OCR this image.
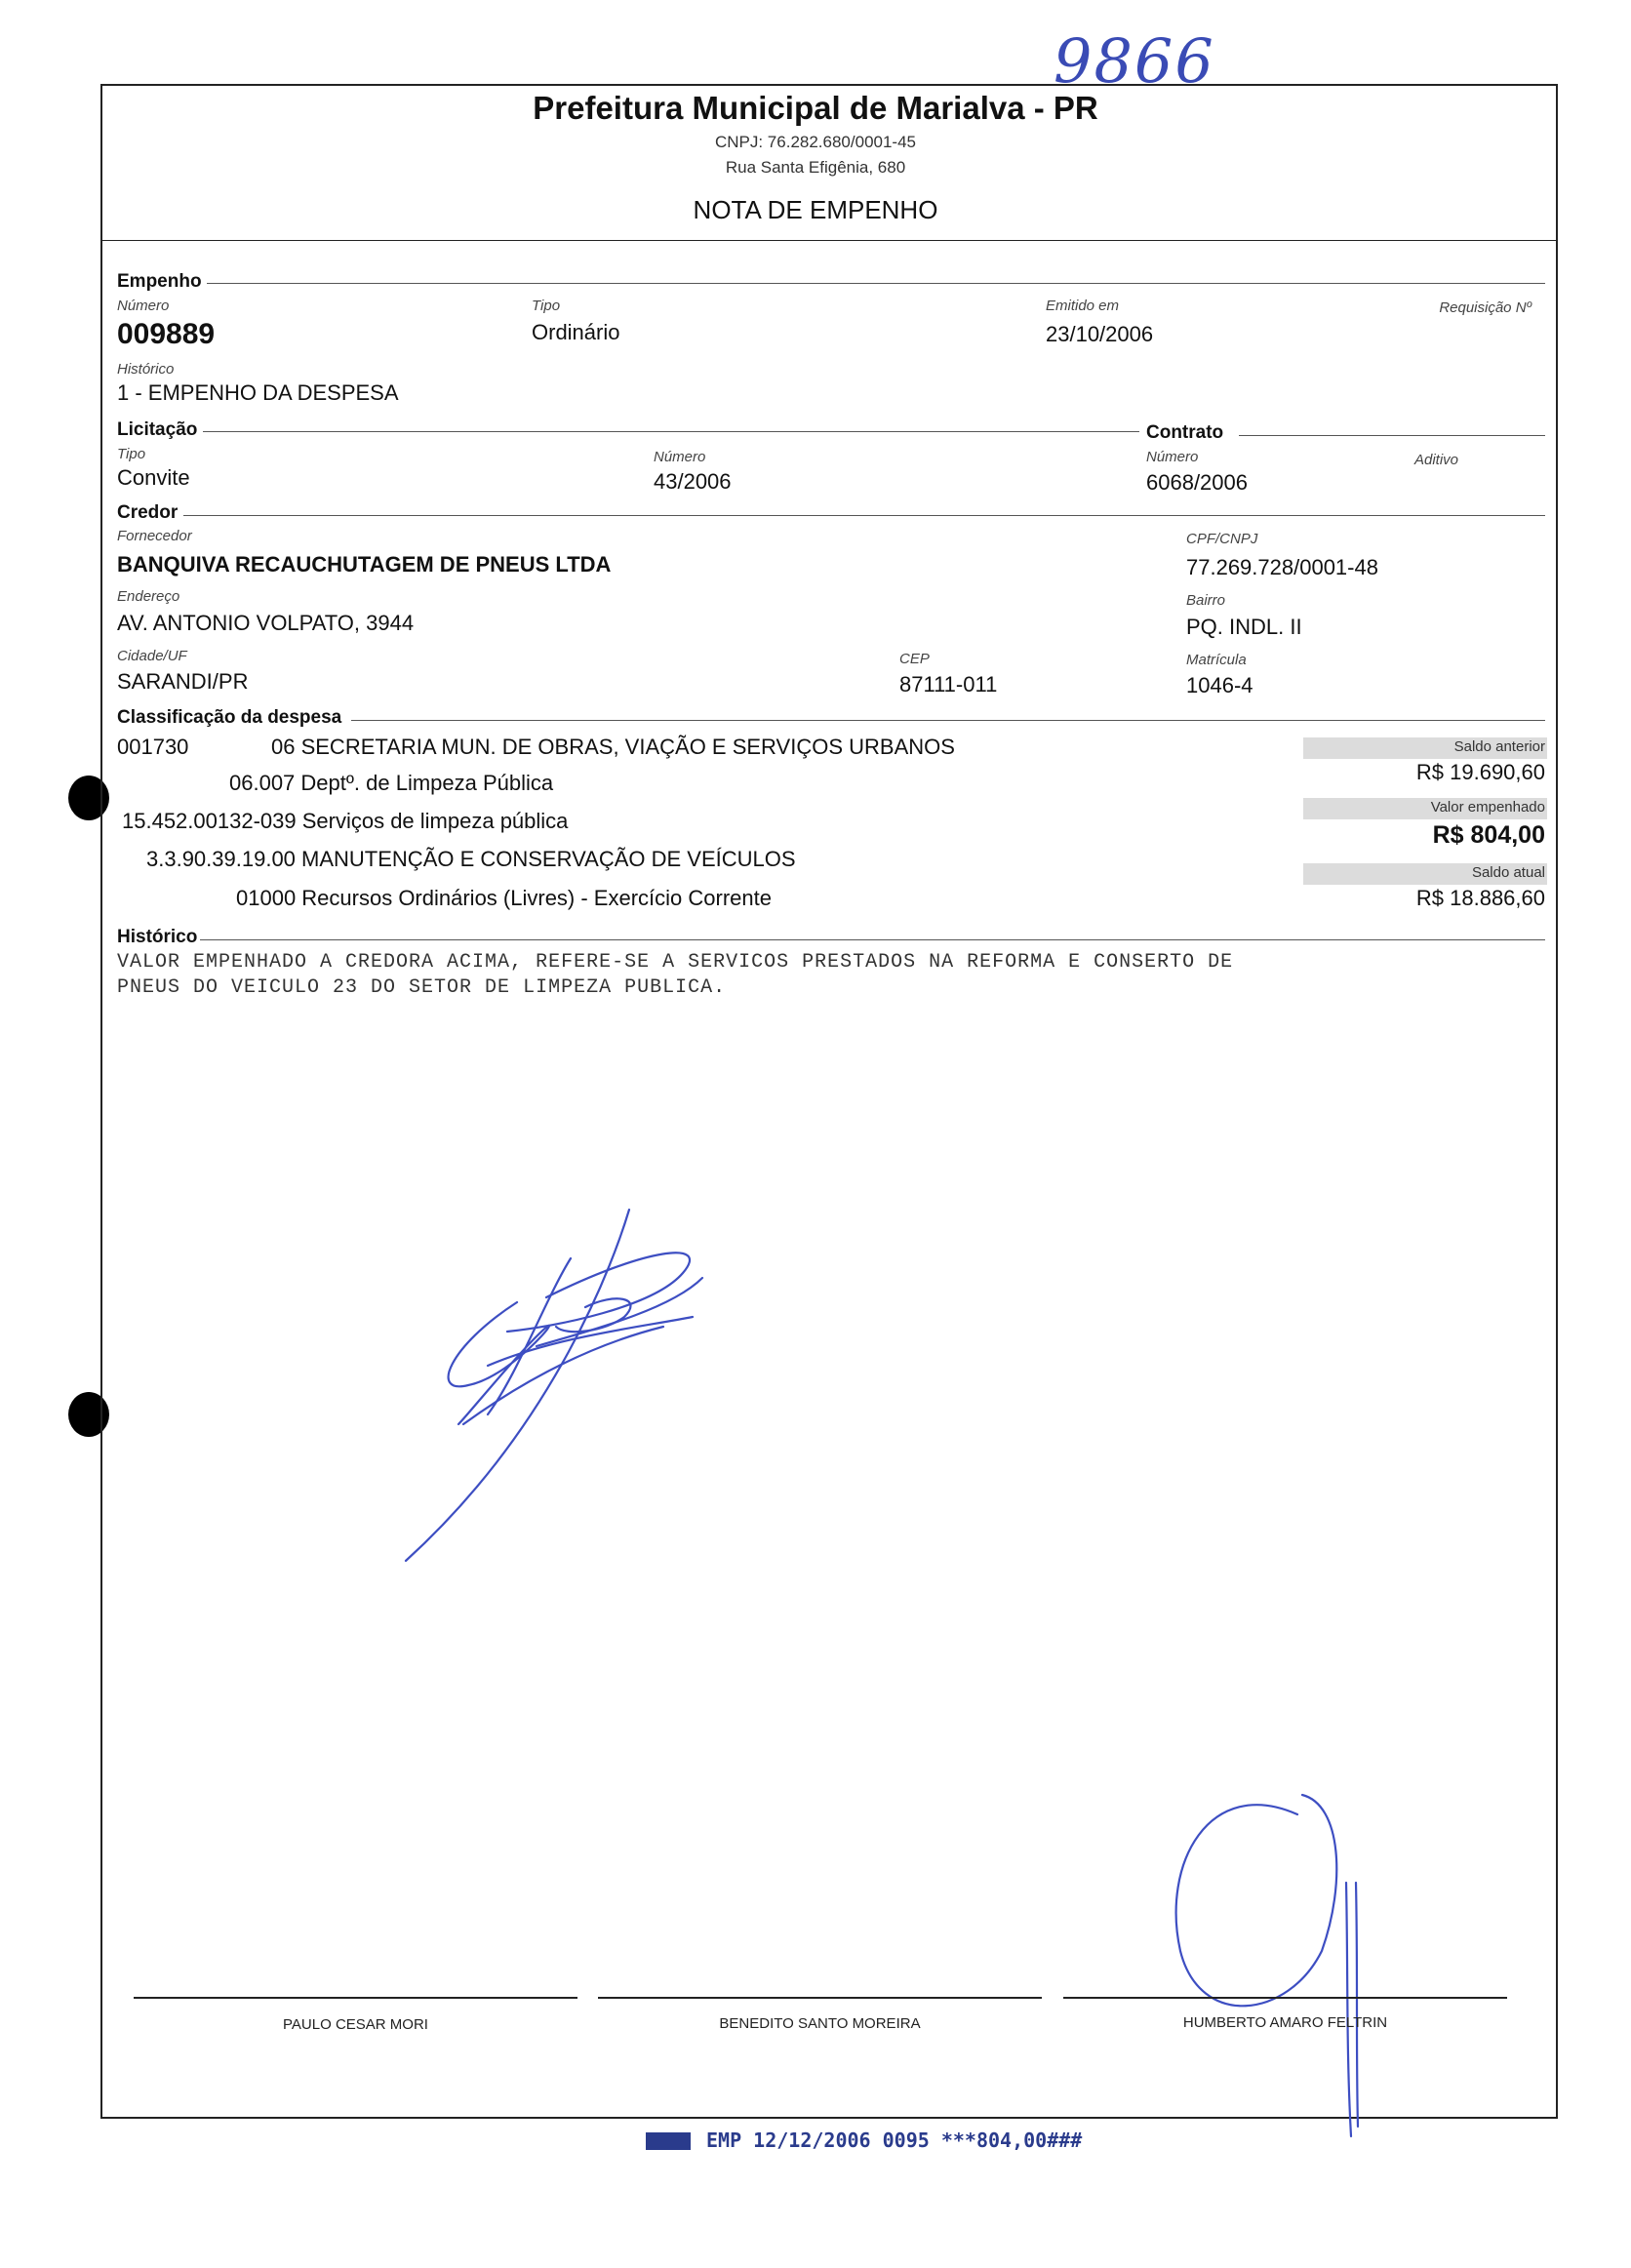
9866
Prefeitura Municipal de Marialva - PR
CNPJ: 76.282.680/0001-45
Rua Santa Efigênia, 680
NOTA DE EMPENHO
Empenho
Número
009889
Tipo
Ordinário
Emitido em
23/10/2006
Requisição Nº
Histórico
1 - EMPENHO DA DESPESA
Licitação	Contrato
Tipo
Convite
Número
43/2006
Número
6068/2006
Aditivo
Credor
Fornecedor
BANQUIVA RECAUCHUTAGEM DE PNEUS LTDA
CPF/CNPJ
77.269.728/0001-48
Endereço
AV. ANTONIO VOLPATO, 3944
Bairro
PQ. INDL. II
Cidade/UF
SARANDI/PR
CEP
87111-011
Matrícula
1046-4
Classificação da despesa
001730	06 SECRETARIA MUN. DE OBRAS, VIAÇÃO E SERVIÇOS URBANOS
06.007 Deptº. de Limpeza Pública
15.452.00132-039 Serviços de limpeza pública
3.3.90.39.19.00 MANUTENÇÃO E CONSERVAÇÃO DE VEÍCULOS
01000 Recursos Ordinários (Livres) - Exercício Corrente
Saldo anterior
R$ 19.690,60
Valor empenhado
R$ 804,00
Saldo atual
R$ 18.886,60
Histórico
VALOR EMPENHADO A CREDORA ACIMA, REFERE-SE A SERVICOS PRESTADOS NA REFORMA E CONSERTO DE
PNEUS DO VEICULO 23 DO SETOR DE LIMPEZA PUBLICA.
PAULO CESAR MORI	BENEDITO SANTO MOREIRA	HUMBERTO AMARO FELTRIN
EMP 12/12/2006 0095 ***804,00###
